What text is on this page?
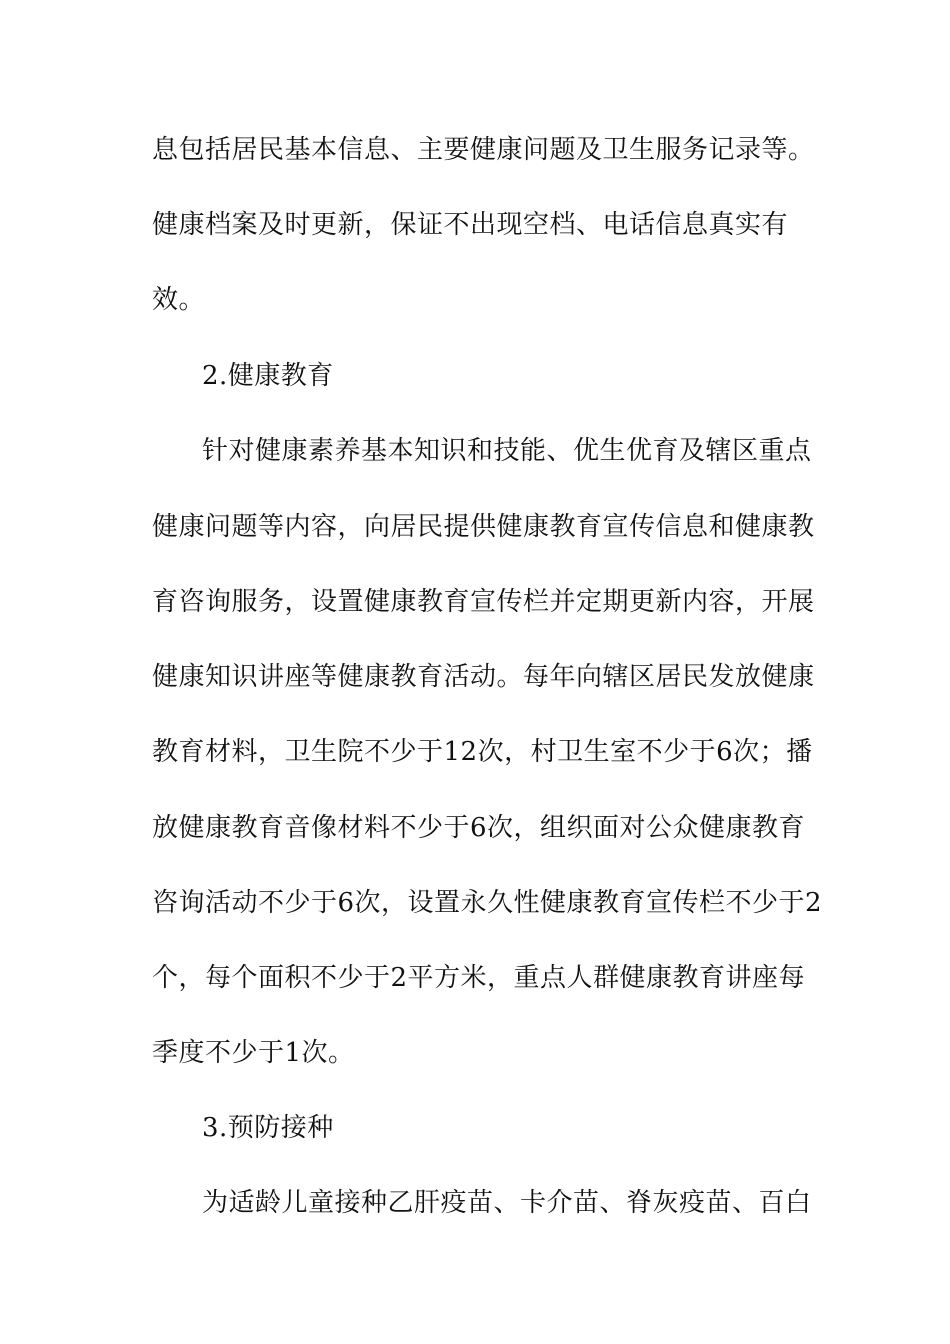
息包括居民基本信息、主要健康问题及卫生服务记录等。
健康档案及时更新，保证不出现空档、电话信息真实有
效。
2.健康教育
针对健康素养基本知识和技能、优生优育及辖区重点
健康问题等内容，向居民提供健康教育宣传信息和健康教
育咨询服务，设置健康教育宣传栏并定期更新内容，开展
健康知识讲座等健康教育活动。每年向辖区居民发放健康
教育材料，卫生院不少于12次，村卫生室不少于6次；播
放健康教育音像材料不少于6次，组织面对公众健康教育
咨询活动不少于6次，设置永久性健康教育宣传栏不少于2
个，每个面积不少于2平方米，重点人群健康教育讲座每
季度不少于1次。
3.预防接种
为适龄儿童接种乙肝疫苗、卡介苗、脊灰疫苗、百白
